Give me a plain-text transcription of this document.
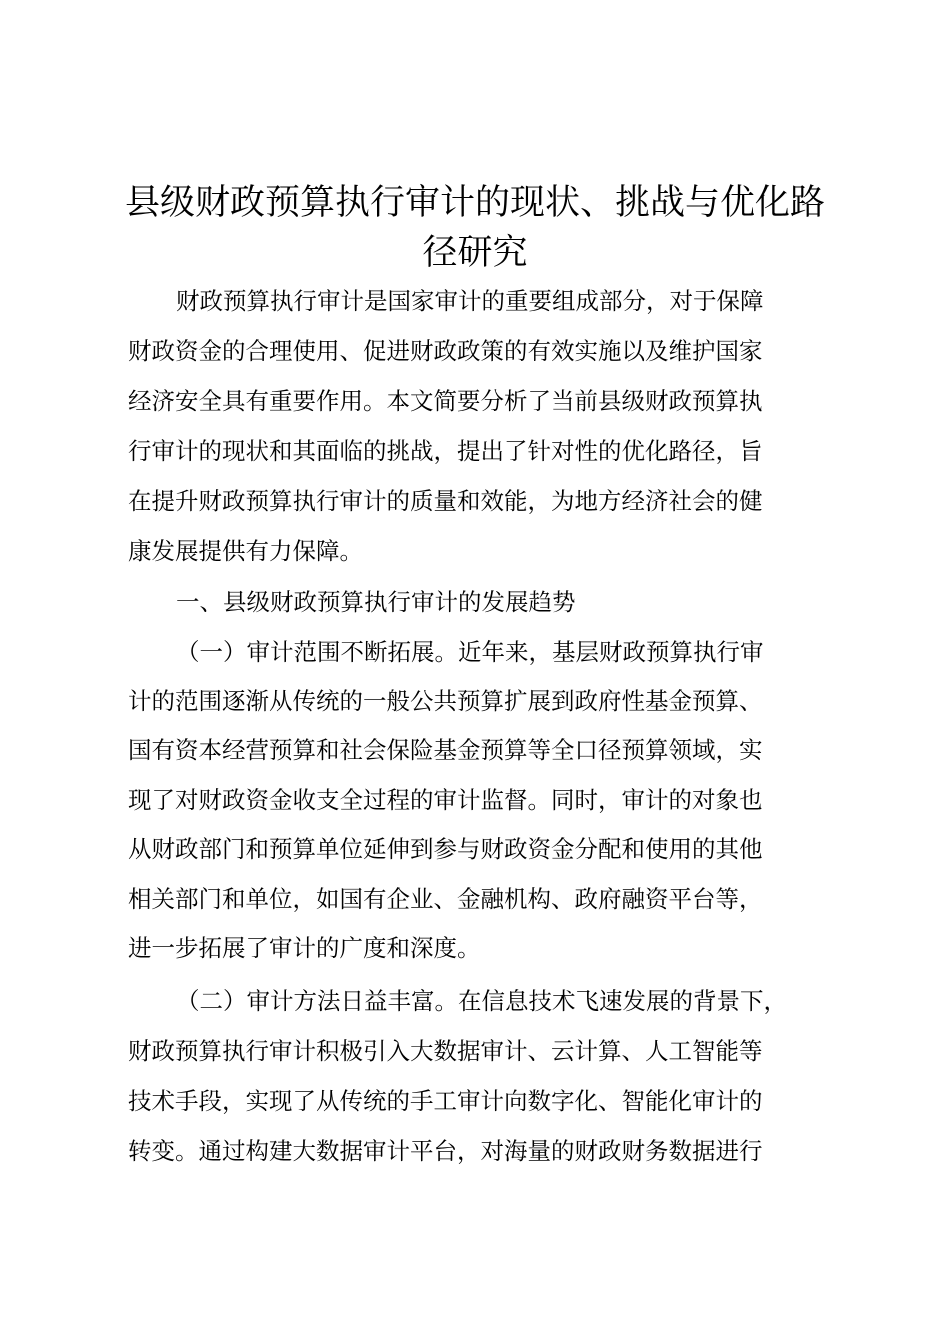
县级财政预算执行审计的现状、挑战与优化路
径研究

财政预算执行审计是国家审计的重要组成部分，对于保障

财政资金的合理使用、促进财政政策的有效实施以及维护国家

经济安全具有重要作用。本文简要分析了当前县级财政预算执

行审计的现状和其面临的挑战，提出了针对性的优化路径，旨

在提升财政预算执行审计的质量和效能，为地方经济社会的健

康发展提供有力保障。

一、县级财政预算执行审计的发展趋势

（一）审计范围不断拓展。近年来，基层财政预算执行审

计的范围逐渐从传统的一般公共预算扩展到政府性基金预算、

国有资本经营预算和社会保险基金预算等全口径预算领域，实

现了对财政资金收支全过程的审计监督。同时，审计的对象也

从财政部门和预算单位延伸到参与财政资金分配和使用的其他

相关部门和单位，如国有企业、金融机构、政府融资平台等，

进一步拓展了审计的广度和深度。

（二）审计方法日益丰富。在信息技术飞速发展的背景下，

财政预算执行审计积极引入大数据审计、云计算、人工智能等

技术手段，实现了从传统的手工审计向数字化、智能化审计的

转变。通过构建大数据审计平台，对海量的财政财务数据进行
